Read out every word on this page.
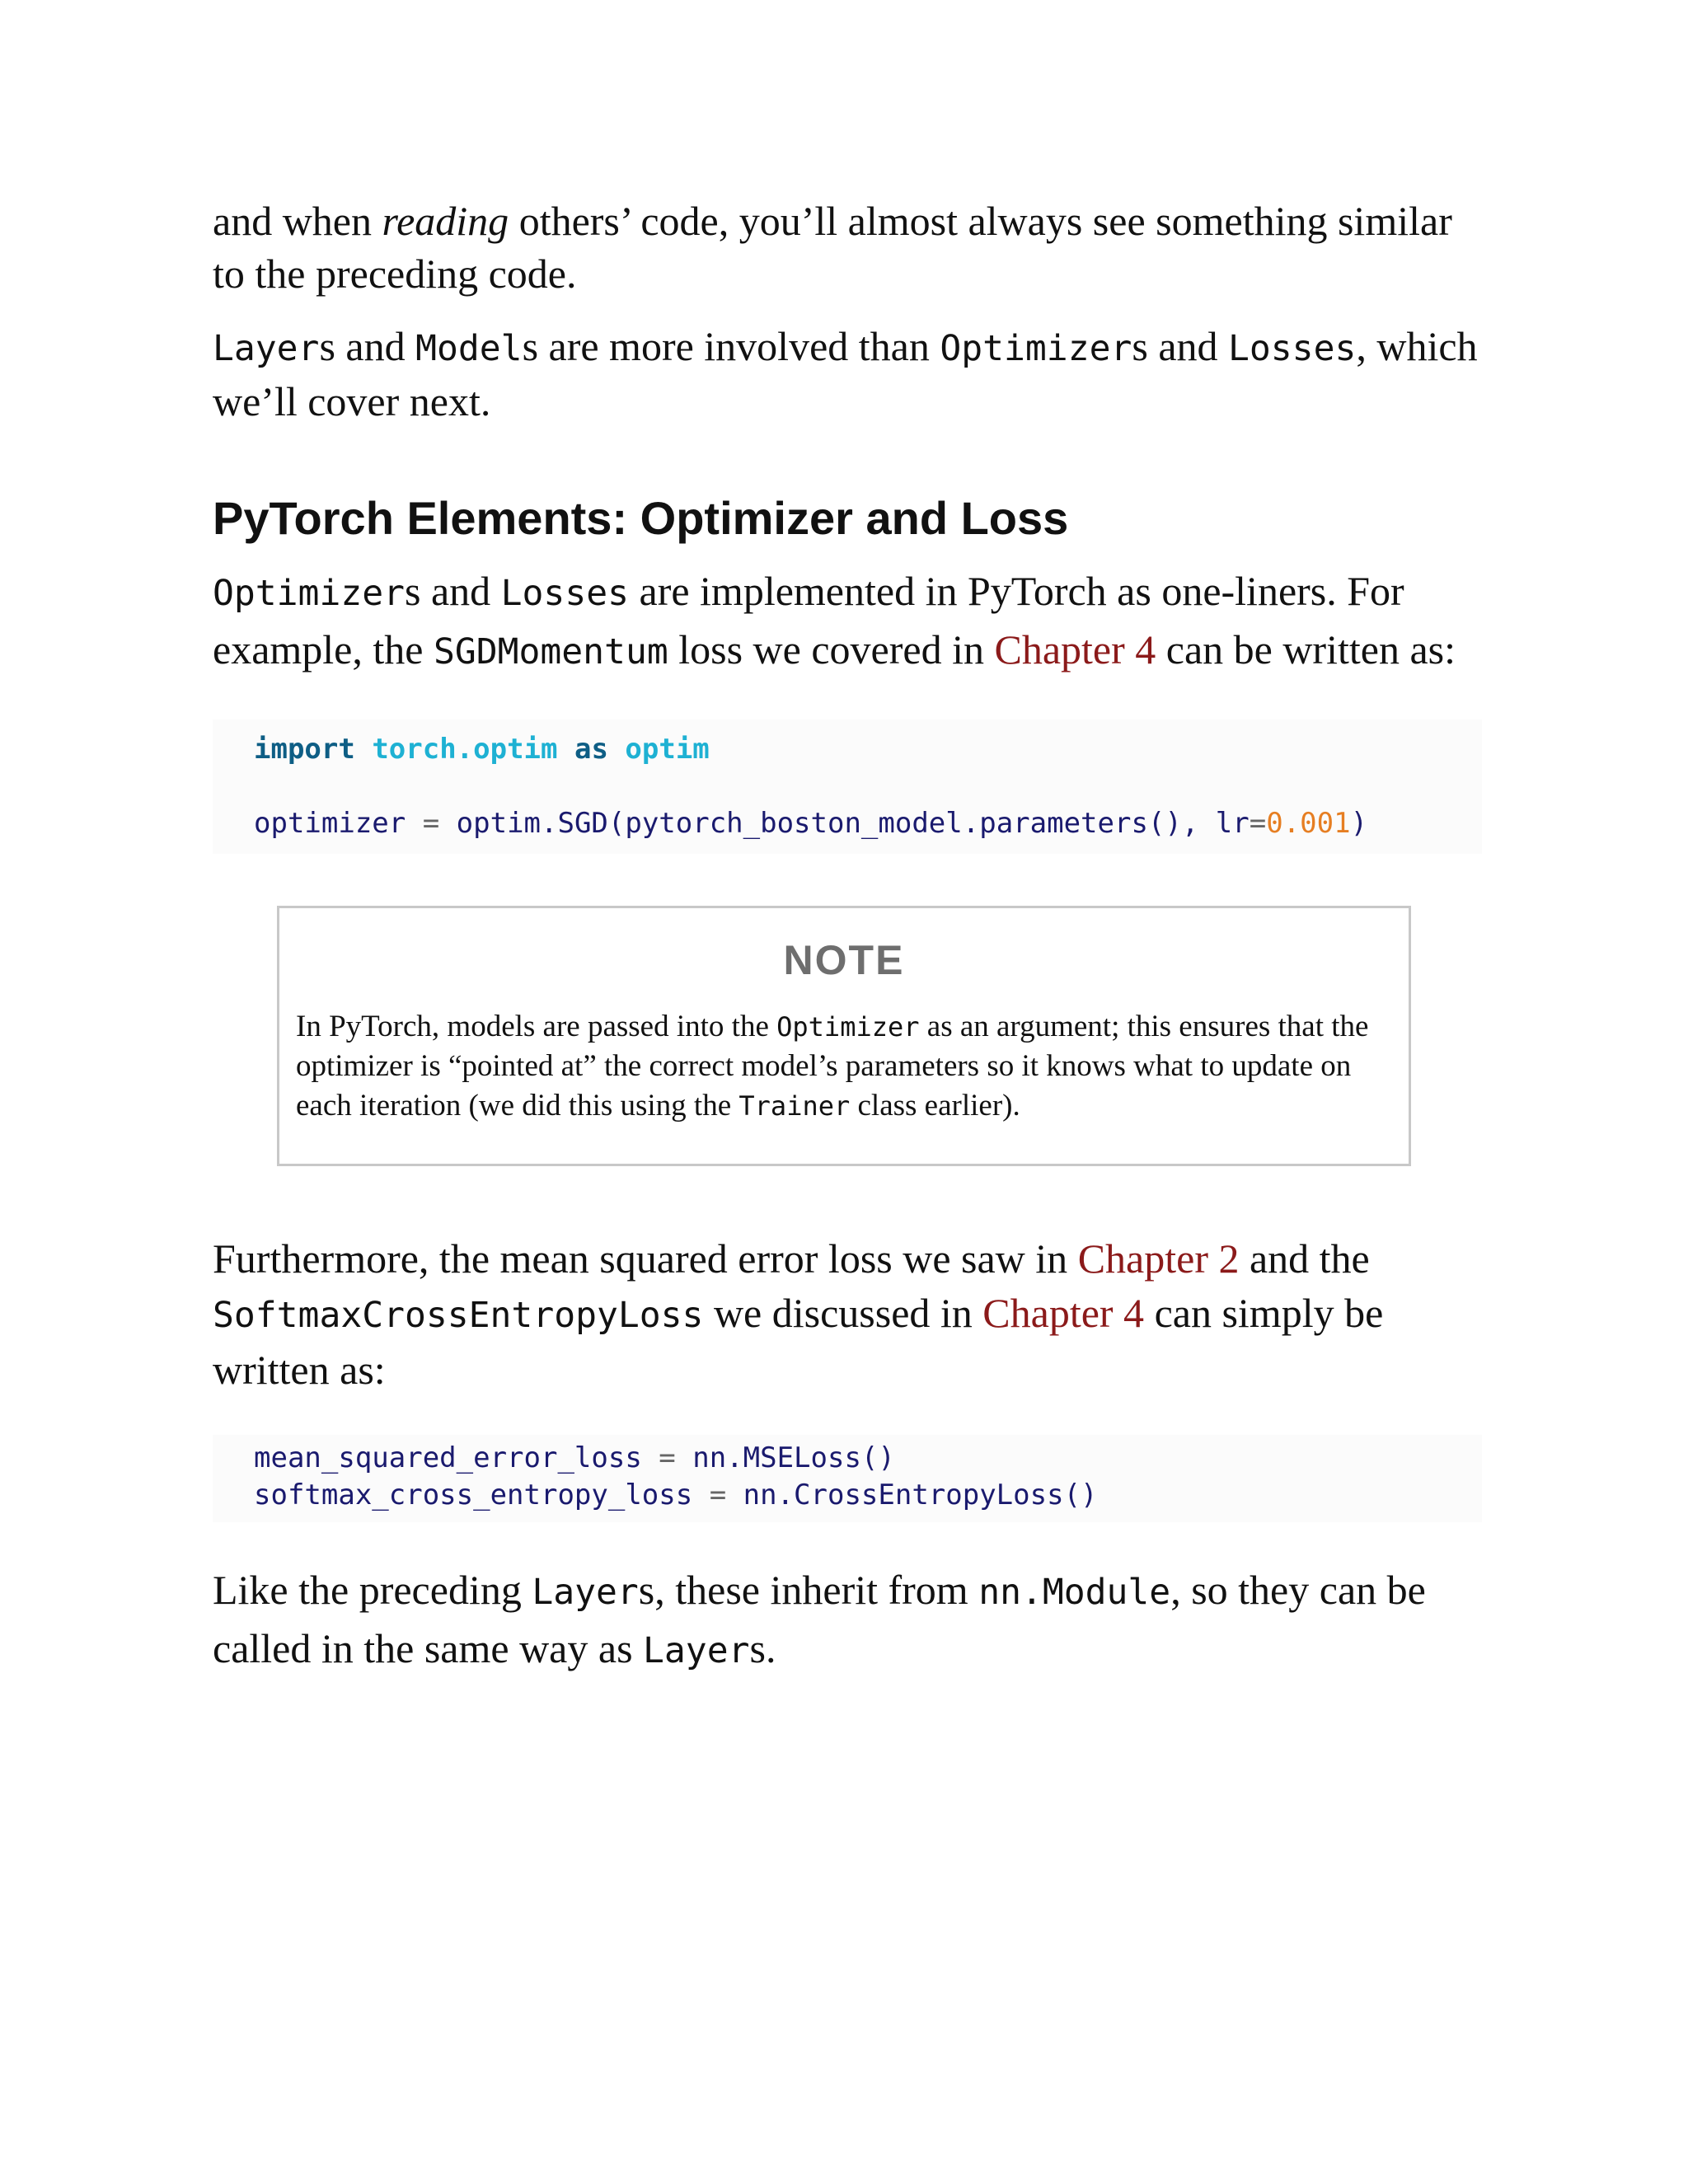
and when reading others’ code, you’ll almost always see something similar to the preceding code.

Layers and Models are more involved than Optimizers and Losses, which we’ll cover next.

PyTorch Elements: Optimizer and Loss

Optimizers and Losses are implemented in PyTorch as one-liners. For example, the SGDMomentum loss we covered in Chapter 4 can be written as:

import torch.optim as optim

optimizer = optim.SGD(pytorch_boston_model.parameters(), lr=0.001)
NOTE
In PyTorch, models are passed into the Optimizer as an argument; this ensures that the optimizer is “pointed at” the correct model’s parameters so it knows what to update on each iteration (we did this using the Trainer class earlier).

Furthermore, the mean squared error loss we saw in Chapter 2 and the SoftmaxCrossEntropyLoss we discussed in Chapter 4 can simply be written as:

mean_squared_error_loss = nn.MSELoss()
softmax_cross_entropy_loss = nn.CrossEntropyLoss()

Like the preceding Layers, these inherit from nn.Module, so they can be called in the same way as Layers.
